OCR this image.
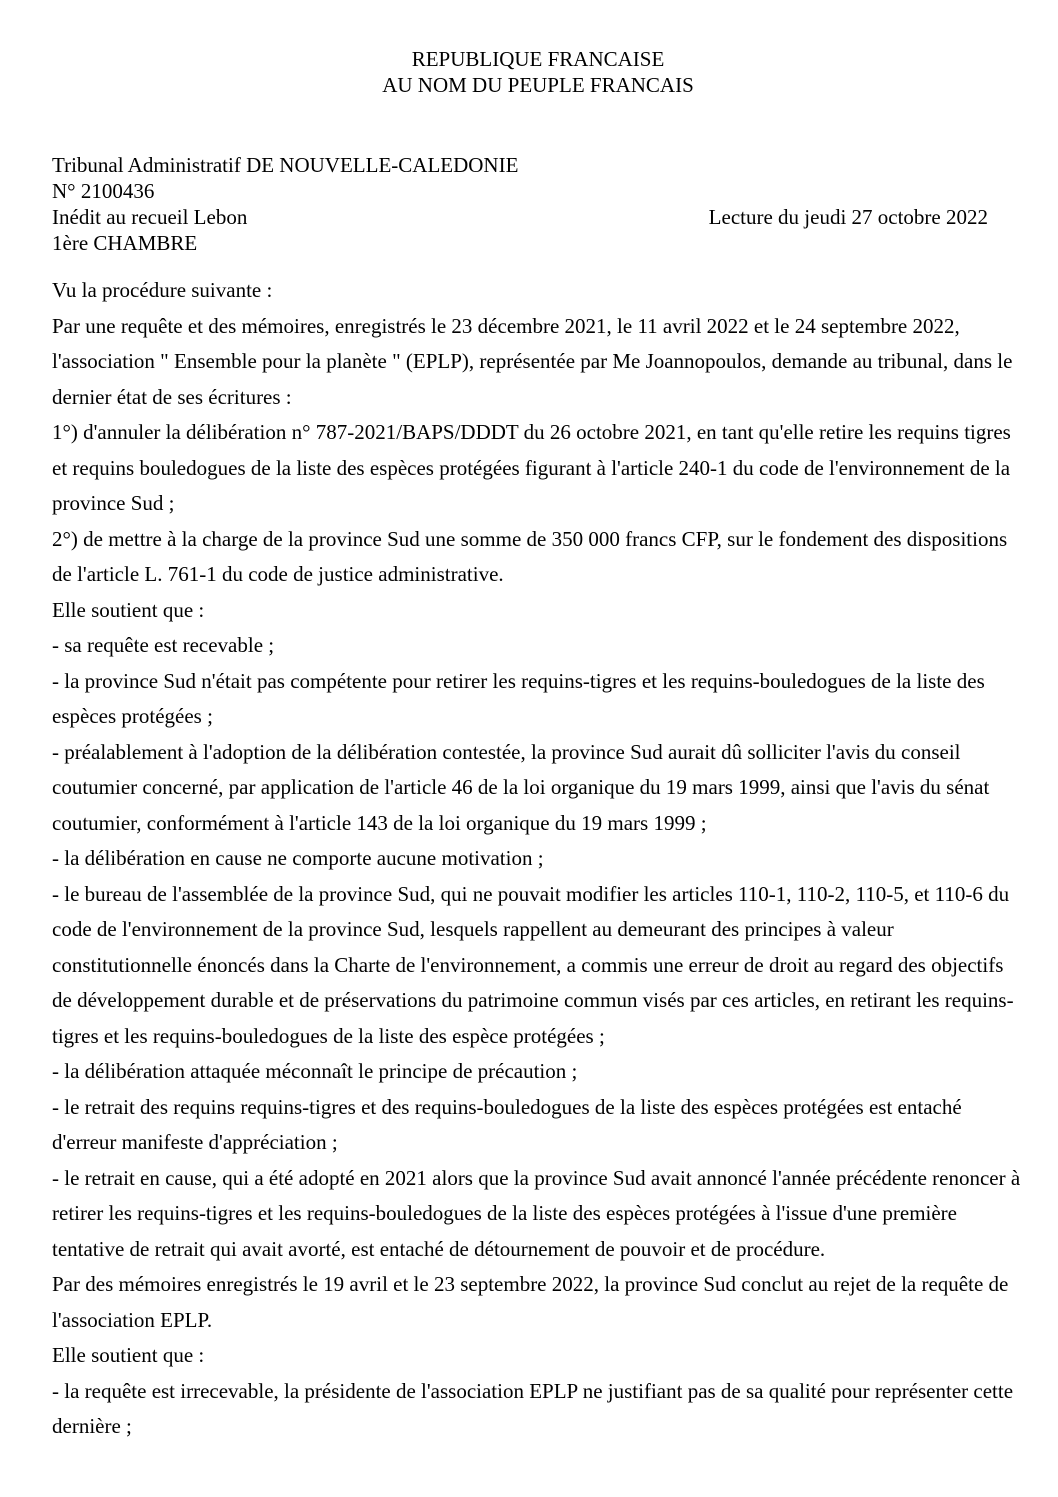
REPUBLIQUE FRANCAISE
AU NOM DU PEUPLE FRANCAIS
Tribunal Administratif DE NOUVELLE-CALEDONIE
N° 2100436
Inédit au recueil Lebon	Lecture du jeudi 27 octobre 2022
1ère CHAMBRE

Vu la procédure suivante :

Par une requête et des mémoires, enregistrés le 23 décembre 2021, le 11 avril 2022 et le 24 septembre 2022, l'association " Ensemble pour la planète " (EPLP), représentée par Me Joannopoulos, demande au tribunal, dans le dernier état de ses écritures :

1°) d'annuler la délibération n° 787-2021/BAPS/DDDT du 26 octobre 2021, en tant qu'elle retire les requins tigres et requins bouledogues de la liste des espèces protégées figurant à l'article 240-1 du code de l'environnement de la province Sud ;

2°) de mettre à la charge de la province Sud une somme de 350 000 francs CFP, sur le fondement des dispositions de l'article L. 761-1 du code de justice administrative.

Elle soutient que :

- sa requête est recevable ;

- la province Sud n'était pas compétente pour retirer les requins-tigres et les requins-bouledogues de la liste des espèces protégées ;

- préalablement à l'adoption de la délibération contestée, la province Sud aurait dû solliciter l'avis du conseil coutumier concerné, par application de l'article 46 de la loi organique du 19 mars 1999, ainsi que l'avis du sénat coutumier, conformément à l'article 143 de la loi organique du 19 mars 1999 ;

- la délibération en cause ne comporte aucune motivation ;

- le bureau de l'assemblée de la province Sud, qui ne pouvait modifier les articles 110-1, 110-2, 110-5, et 110-6 du code de l'environnement de la province Sud, lesquels rappellent au demeurant des principes à valeur constitutionnelle énoncés dans la Charte de l'environnement, a commis une erreur de droit au regard des objectifs de développement durable et de préservations du patrimoine commun visés par ces articles, en retirant les requins-tigres et les requins-bouledogues de la liste des espèce protégées ;

- la délibération attaquée méconnaît le principe de précaution ;

- le retrait des requins requins-tigres et des requins-bouledogues de la liste des espèces protégées est entaché d'erreur manifeste d'appréciation ;

- le retrait en cause, qui a été adopté en 2021 alors que la province Sud avait annoncé l'année précédente renoncer à retirer les requins-tigres et les requins-bouledogues de la liste des espèces protégées à l'issue d'une première tentative de retrait qui avait avorté, est entaché de détournement de pouvoir et de procédure.

Par des mémoires enregistrés le 19 avril et le 23 septembre 2022, la province Sud conclut au rejet de la requête de l'association EPLP.

Elle soutient que :

- la requête est irrecevable, la présidente de l'association EPLP ne justifiant pas de sa qualité pour représenter cette dernière ;
